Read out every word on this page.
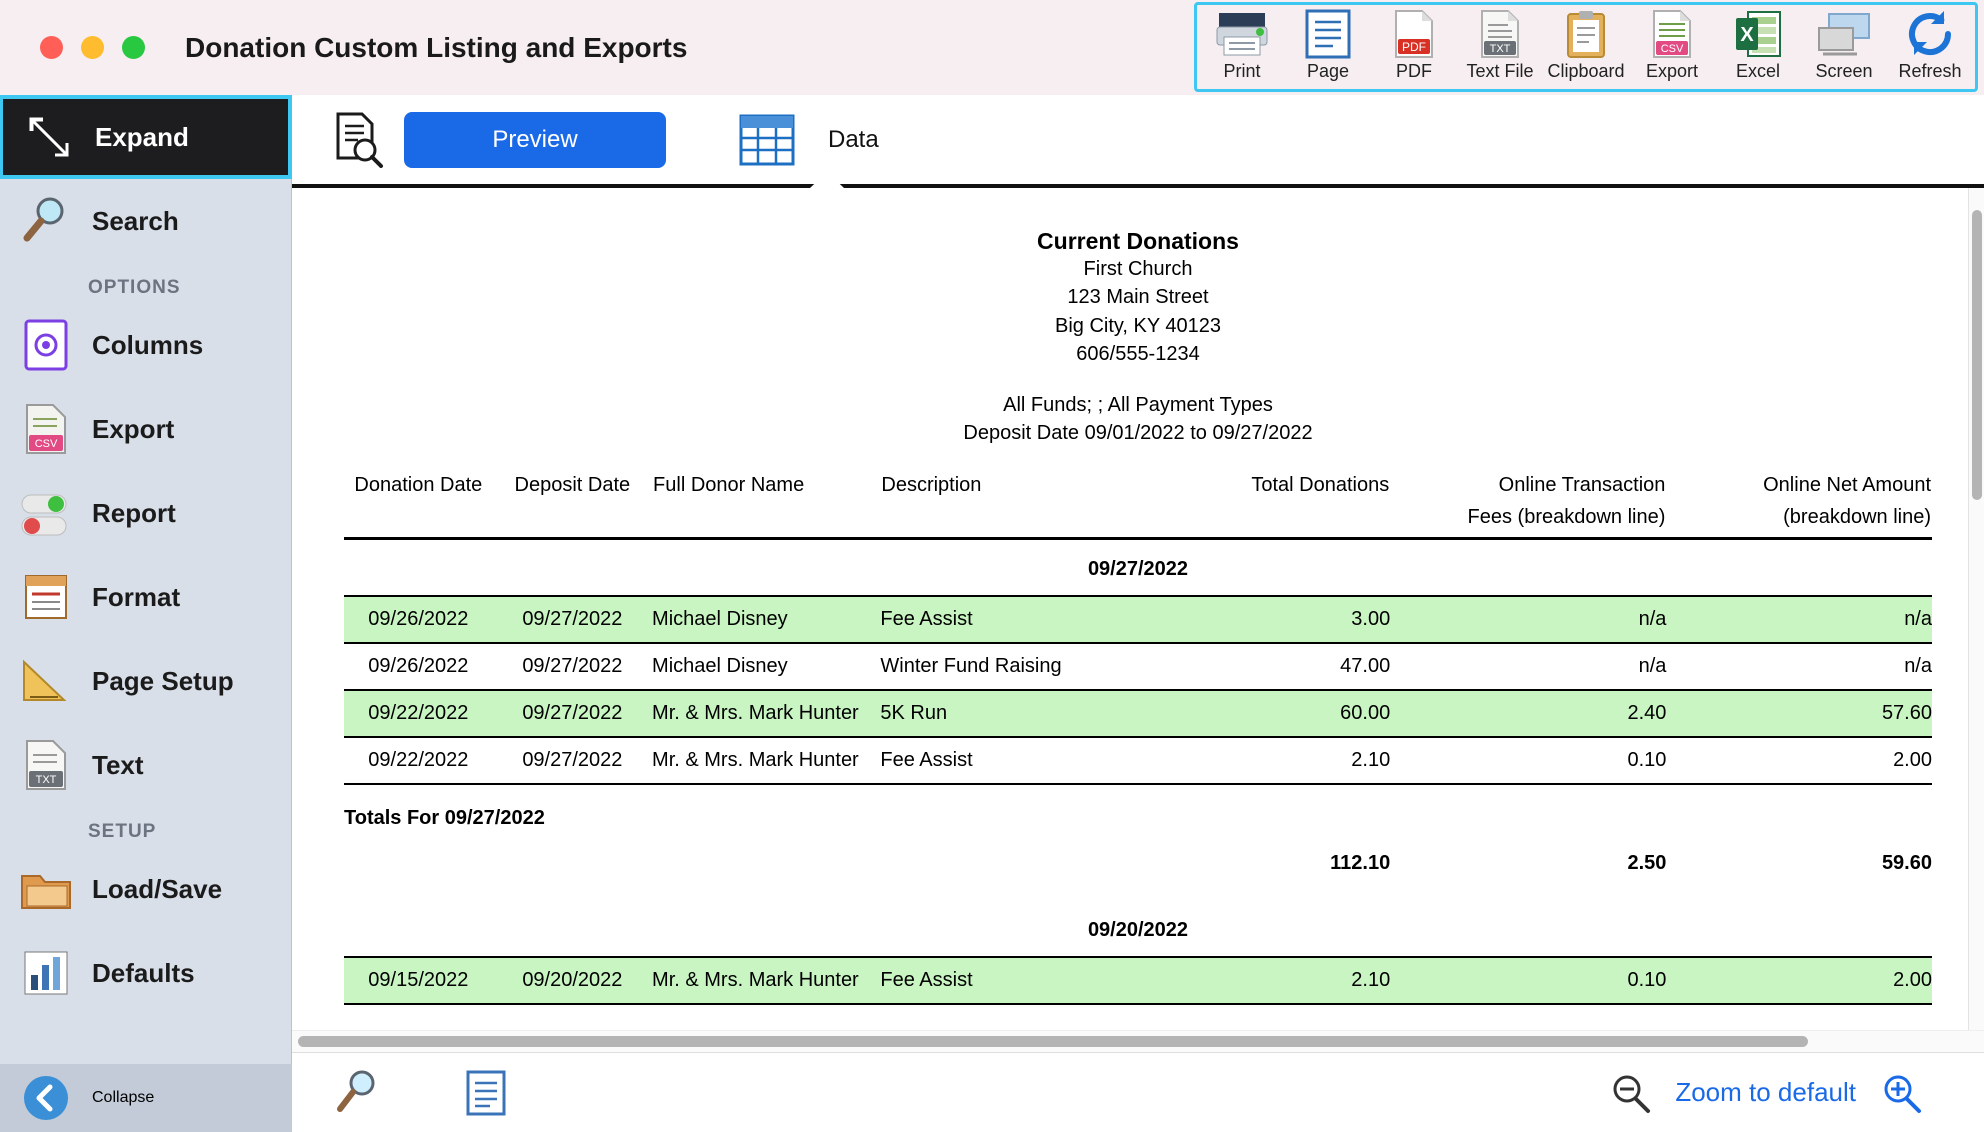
Donation Custom Listing and Exports
Print	Page
PDF
PDF
TXT
Text File Clipboard
CSV
Export
X
Excel Screen Refresh
Expand
Search
OPTIONS
Columns
CSV
Export
Report
Format
Page Setup
TXT
Text
SETUP
Load/Save
Defaults
Collapse
Preview	Data
Current Donations
First Church
123 Main Street
Big City, KY 40123
606/555-1234
All Funds; ; All Payment Types
Deposit Date 09/01/2022 to 09/27/2022
Donation Date	Deposit Date	Full Donor Name	Description	Total Donations	Online Transaction	Online Net Amount
					Fees (breakdown line)	(breakdown line)
09/27/2022						
09/26/2022	09/27/2022	Michael Disney	Fee Assist	3.00	n/a	n/a
09/26/2022	09/27/2022	Michael Disney	Winter Fund Raising	47.00	n/a	n/a
09/22/2022	09/27/2022	Mr. & Mrs. Mark Hunter	5K Run	60.00	2.40	57.60
09/22/2022	09/27/2022	Mr. & Mrs. Mark Hunter	Fee Assist	2.10	0.10	2.00
Totals For 09/27/2022						
				112.10	2.50	59.60
09/20/2022						
09/15/2022	09/20/2022	Mr. & Mrs. Mark Hunter	Fee Assist	2.10	0.10	2.00
Zoom to default
